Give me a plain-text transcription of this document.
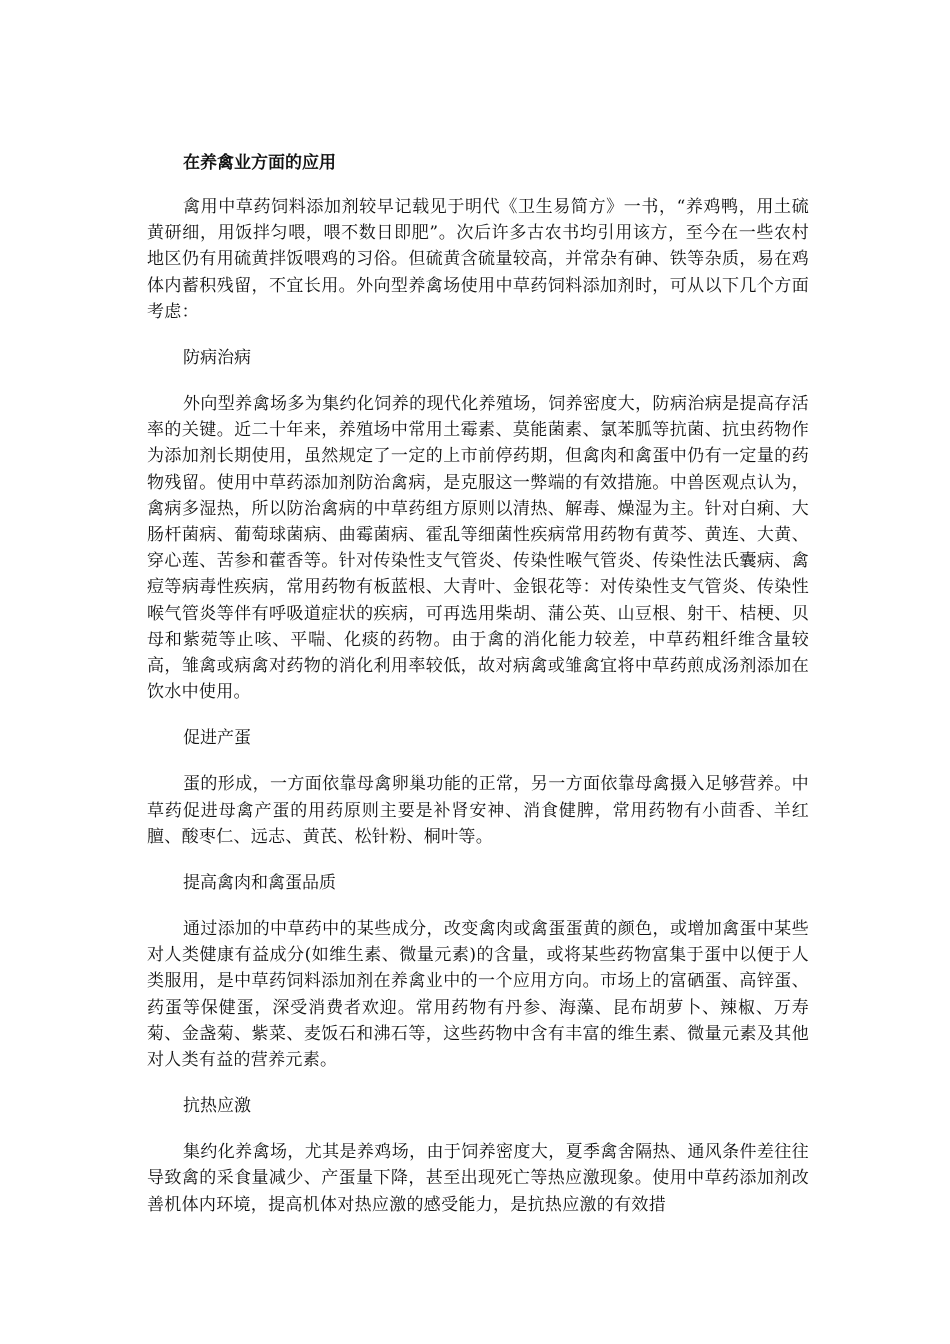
在养禽业方面的应用

禽用中草药饲料添加剂较早记载见于明代《卫生易简方》一书，“养鸡鸭，用土硫黄研细，用饭拌匀喂，喂不数日即肥”。次后许多古农书均引用该方，至今在一些农村地区仍有用硫黄拌饭喂鸡的习俗。但硫黄含硫量较高，并常杂有砷、铁等杂质，易在鸡体内蓄积残留，不宜长用。外向型养禽场使用中草药饲料添加剂时，可从以下几个方面考虑：

防病治病

外向型养禽场多为集约化饲养的现代化养殖场，饲养密度大，防病治病是提高存活率的关键。近二十年来，养殖场中常用土霉素、莫能菌素、氯苯胍等抗菌、抗虫药物作为添加剂长期使用，虽然规定了一定的上市前停药期，但禽肉和禽蛋中仍有一定量的药物残留。使用中草药添加剂防治禽病，是克服这一弊端的有效措施。中兽医观点认为，禽病多湿热，所以防治禽病的中草药组方原则以清热、解毒、燥湿为主。针对白痢、大肠杆菌病、葡萄球菌病、曲霉菌病、霍乱等细菌性疾病常用药物有黄芩、黄连、大黄、穿心莲、苦参和藿香等。针对传染性支气管炎、传染性喉气管炎、传染性法氏囊病、禽痘等病毒性疾病，常用药物有板蓝根、大青叶、金银花等：对传染性支气管炎、传染性喉气管炎等伴有呼吸道症状的疾病，可再选用柴胡、蒲公英、山豆根、射干、桔梗、贝母和紫菀等止咳、平喘、化痰的药物。由于禽的消化能力较差，中草药粗纤维含量较高，雏禽或病禽对药物的消化利用率较低，故对病禽或雏禽宜将中草药煎成汤剂添加在饮水中使用。

促进产蛋

蛋的形成，一方面依靠母禽卵巢功能的正常，另一方面依靠母禽摄入足够营养。中草药促进母禽产蛋的用药原则主要是补肾安神、消食健脾，常用药物有小茴香、羊红膻、酸枣仁、远志、黄芪、松针粉、桐叶等。

提高禽肉和禽蛋品质

通过添加的中草药中的某些成分，改变禽肉或禽蛋蛋黄的颜色，或增加禽蛋中某些对人类健康有益成分(如维生素、微量元素)的含量，或将某些药物富集于蛋中以便于人类服用，是中草药饲料添加剂在养禽业中的一个应用方向。市场上的富硒蛋、高锌蛋、药蛋等保健蛋，深受消费者欢迎。常用药物有丹参、海藻、昆布胡萝卜、辣椒、万寿菊、金盏菊、紫菜、麦饭石和沸石等，这些药物中含有丰富的维生素、微量元素及其他对人类有益的营养元素。

抗热应激

集约化养禽场，尤其是养鸡场，由于饲养密度大，夏季禽舍隔热、通风条件差往往导致禽的采食量减少、产蛋量下降，甚至出现死亡等热应激现象。使用中草药添加剂改善机体内环境，提高机体对热应激的感受能力，是抗热应激的有效措
